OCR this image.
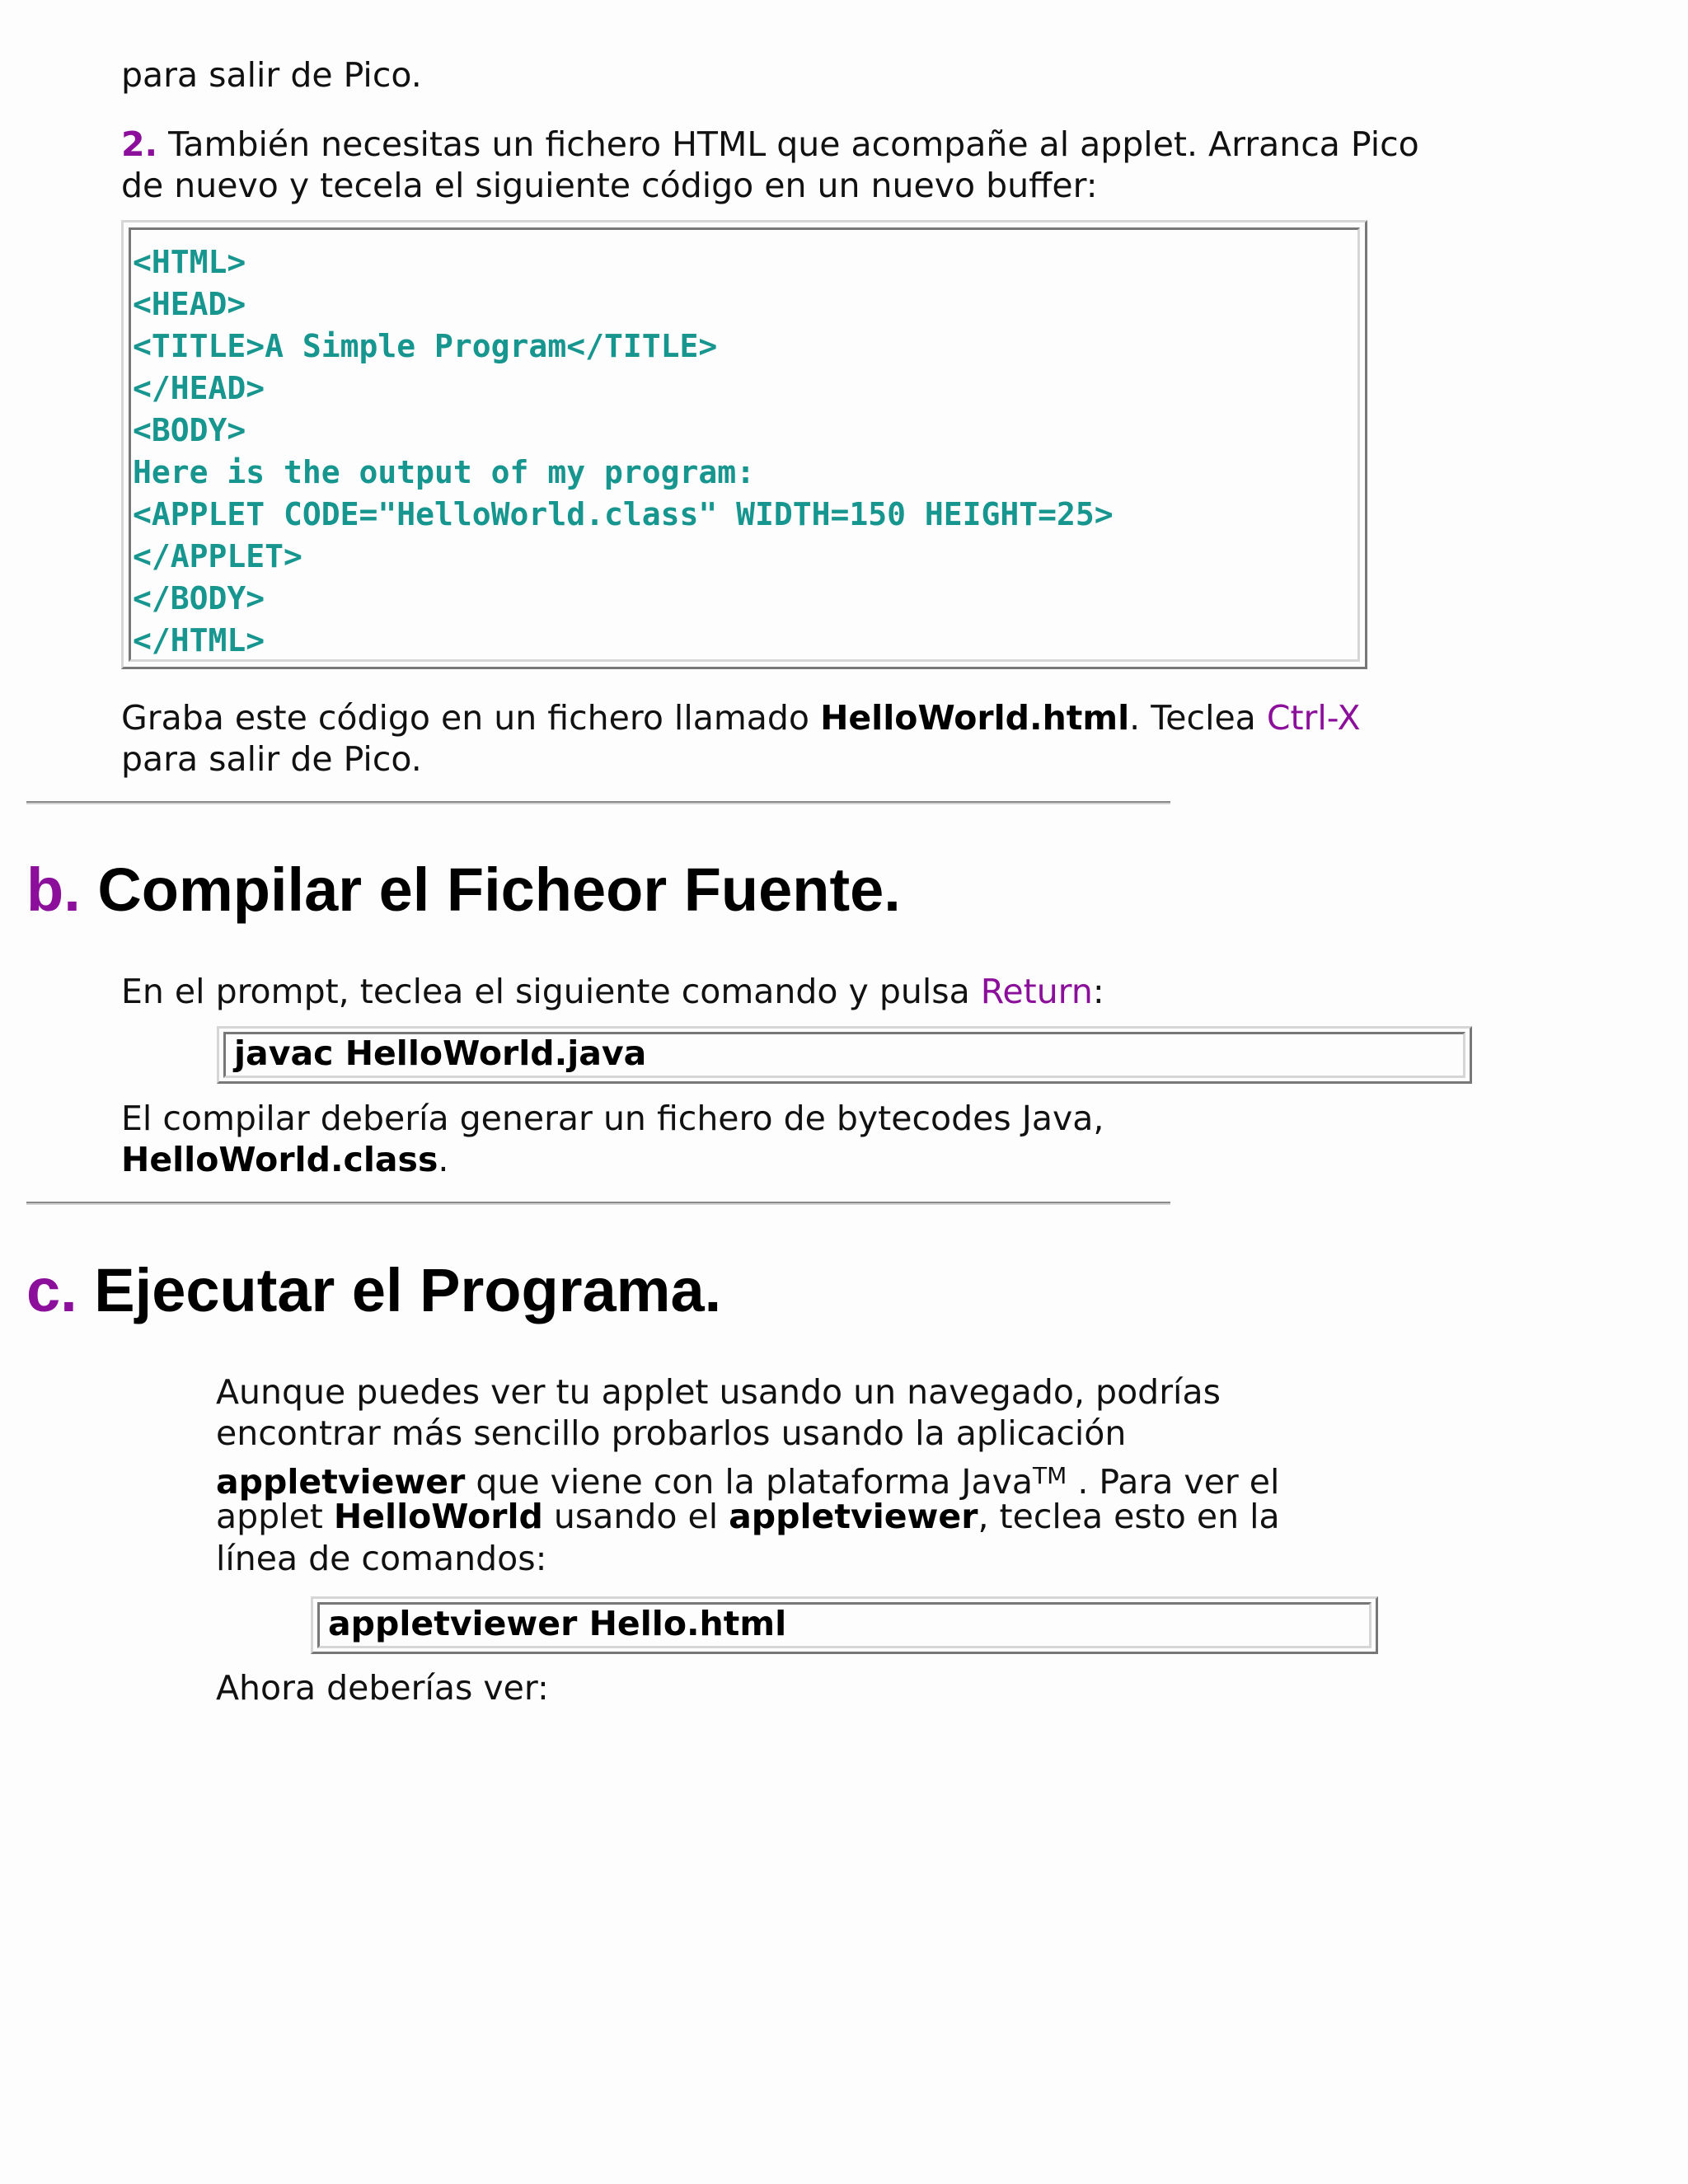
para salir de Pico.

2. También necesitas un fichero HTML que acompañe al applet. Arranca Pico

de nuevo y tecela el siguiente código en un nuevo buffer:

<HTML>

<HEAD>

<TITLE>A Simple Program</TITLE>

</HEAD>

<BODY>

Here is the output of my program:

<APPLET CODE="HelloWorld.class" WIDTH=150 HEIGHT=25>

</APPLET>

</BODY>

</HTML>

Graba este código en un fichero llamado HelloWorld.html. Teclea Ctrl-X

para salir de Pico.

b. Compilar el Ficheor Fuente.

En el prompt, teclea el siguiente comando y pulsa Return:

javac HelloWorld.java

El compilar debería generar un fichero de bytecodes Java,

HelloWorld.class.

c. Ejecutar el Programa.

Aunque puedes ver tu applet usando un navegado, podrías

encontrar más sencillo probarlos usando la aplicación

appletviewer que viene con la plataforma Java™ . Para ver el

applet HelloWorld usando el appletviewer, teclea esto en la

línea de comandos:

appletviewer Hello.html

Ahora deberías ver:
